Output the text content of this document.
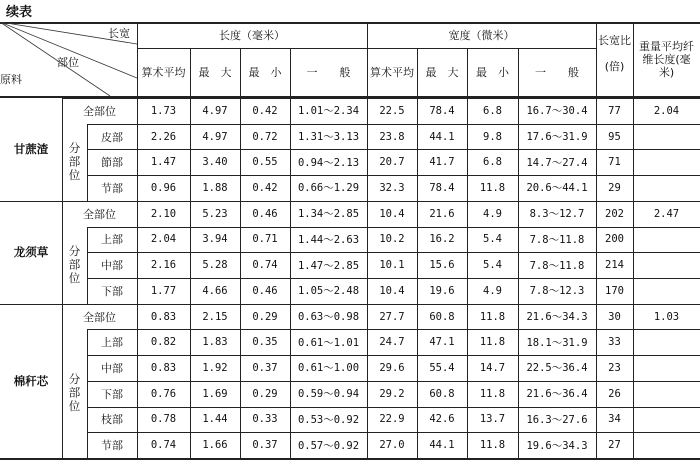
续表
长宽
部位
原料
长度（毫米）	宽度（微米）
算术平均	最　大	最　小	一　　般	算术平均	最　大	最　小	一　　般
长宽比
(倍)
重量平均纤维长度(毫米)
甘蔗渣	分部位
全部位	1.73	4.97	0.42	1.01～2.34	22.5	78.4	6.8	16.7～30.4	77	2.04
皮部	2.26	4.97	0.72	1.31～3.13	23.8	44.1	9.8	17.6～31.9	95
節部	1.47	3.40	0.55	0.94～2.13	20.7	41.7	6.8	14.7～27.4	71
节部	0.96	1.88	0.42	0.66～1.29	32.3	78.4	11.8	20.6～44.1	29
龙须草	分部位
全部位	2.10	5.23	0.46	1.34～2.85	10.4	21.6	4.9	8.3～12.7	202	2.47
上部	2.04	3.94	0.71	1.44～2.63	10.2	16.2	5.4	7.8～11.8	200
中部	2.16	5.28	0.74	1.47～2.85	10.1	15.6	5.4	7.8～11.8	214
下部	1.77	4.66	0.46	1.05～2.48	10.4	19.6	4.9	7.8～12.3	170
棉秆芯	分部位
全部位	0.83	2.15	0.29	0.63～0.98	27.7	60.8	11.8	21.6～34.3	30	1.03
上部	0.82	1.83	0.35	0.61～1.01	24.7	47.1	11.8	18.1～31.9	33
中部	0.83	1.92	0.37	0.61～1.00	29.6	55.4	14.7	22.5～36.4	23
下部	0.76	1.69	0.29	0.59～0.94	29.2	60.8	11.8	21.6～36.4	26
枝部	0.78	1.44	0.33	0.53～0.92	22.9	42.6	13.7	16.3～27.6	34
节部	0.74	1.66	0.37	0.57～0.92	27.0	44.1	11.8	19.6～34.3	27
